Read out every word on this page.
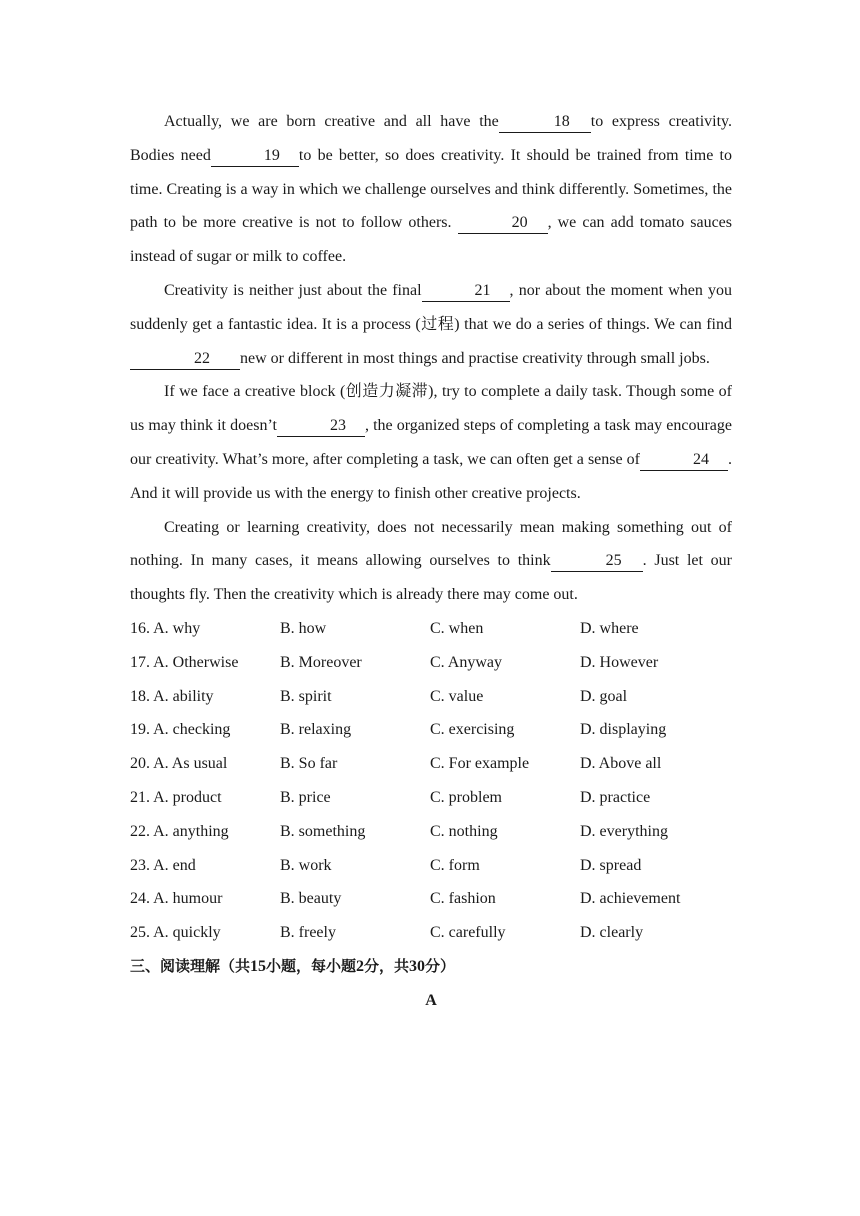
Actually, we are born creative and all have the	18 to express creativity. Bodies need	19 to be better, so does creativity. It should be trained from time to time. Creating is a way in which we challenge ourselves and think differently. Sometimes, the path to be more creative is not to follow others.	20 , we can add tomato sauces instead of sugar or milk to coffee.

Creativity is neither just about the final	21 , nor about the moment when you suddenly get a fantastic idea. It is a process (过程) that we do a series of things. We can find22 new or different in most things and practise creativity through small jobs.

If we face a creative block (创造力凝滞), try to complete a daily task. Though some of us may think it doesn’t	23 , the organized steps of completing a task may encourage our creativity. What’s more, after completing a task, we can often get a sense of	24 . And it will provide us with the energy to finish other creative projects.

Creating or learning creativity, does not necessarily mean making something out of nothing. In many cases, it means allowing ourselves to think	25 . Just let our thoughts fly. Then the creativity which is already there may come out.

16. A. why	B. how	C. when	D. where
17. A. Otherwise	B. Moreover	C. Anyway	D. However
18. A. ability	B. spirit	C. value	D. goal
19. A. checking	B. relaxing	C. exercising	D. displaying
20. A. As usual	B. So far	C. For example	D. Above all
21. A. product	B. price	C. problem	D. practice
22. A. anything	B. something	C. nothing	D. everything
23. A. end	B. work	C. form	D. spread
24. A. humour	B. beauty	C. fashion	D. achievement
25. A. quickly	B. freely	C. carefully	D. clearly

三、阅读理解（共15小题，每小题2分，共30分）

A
